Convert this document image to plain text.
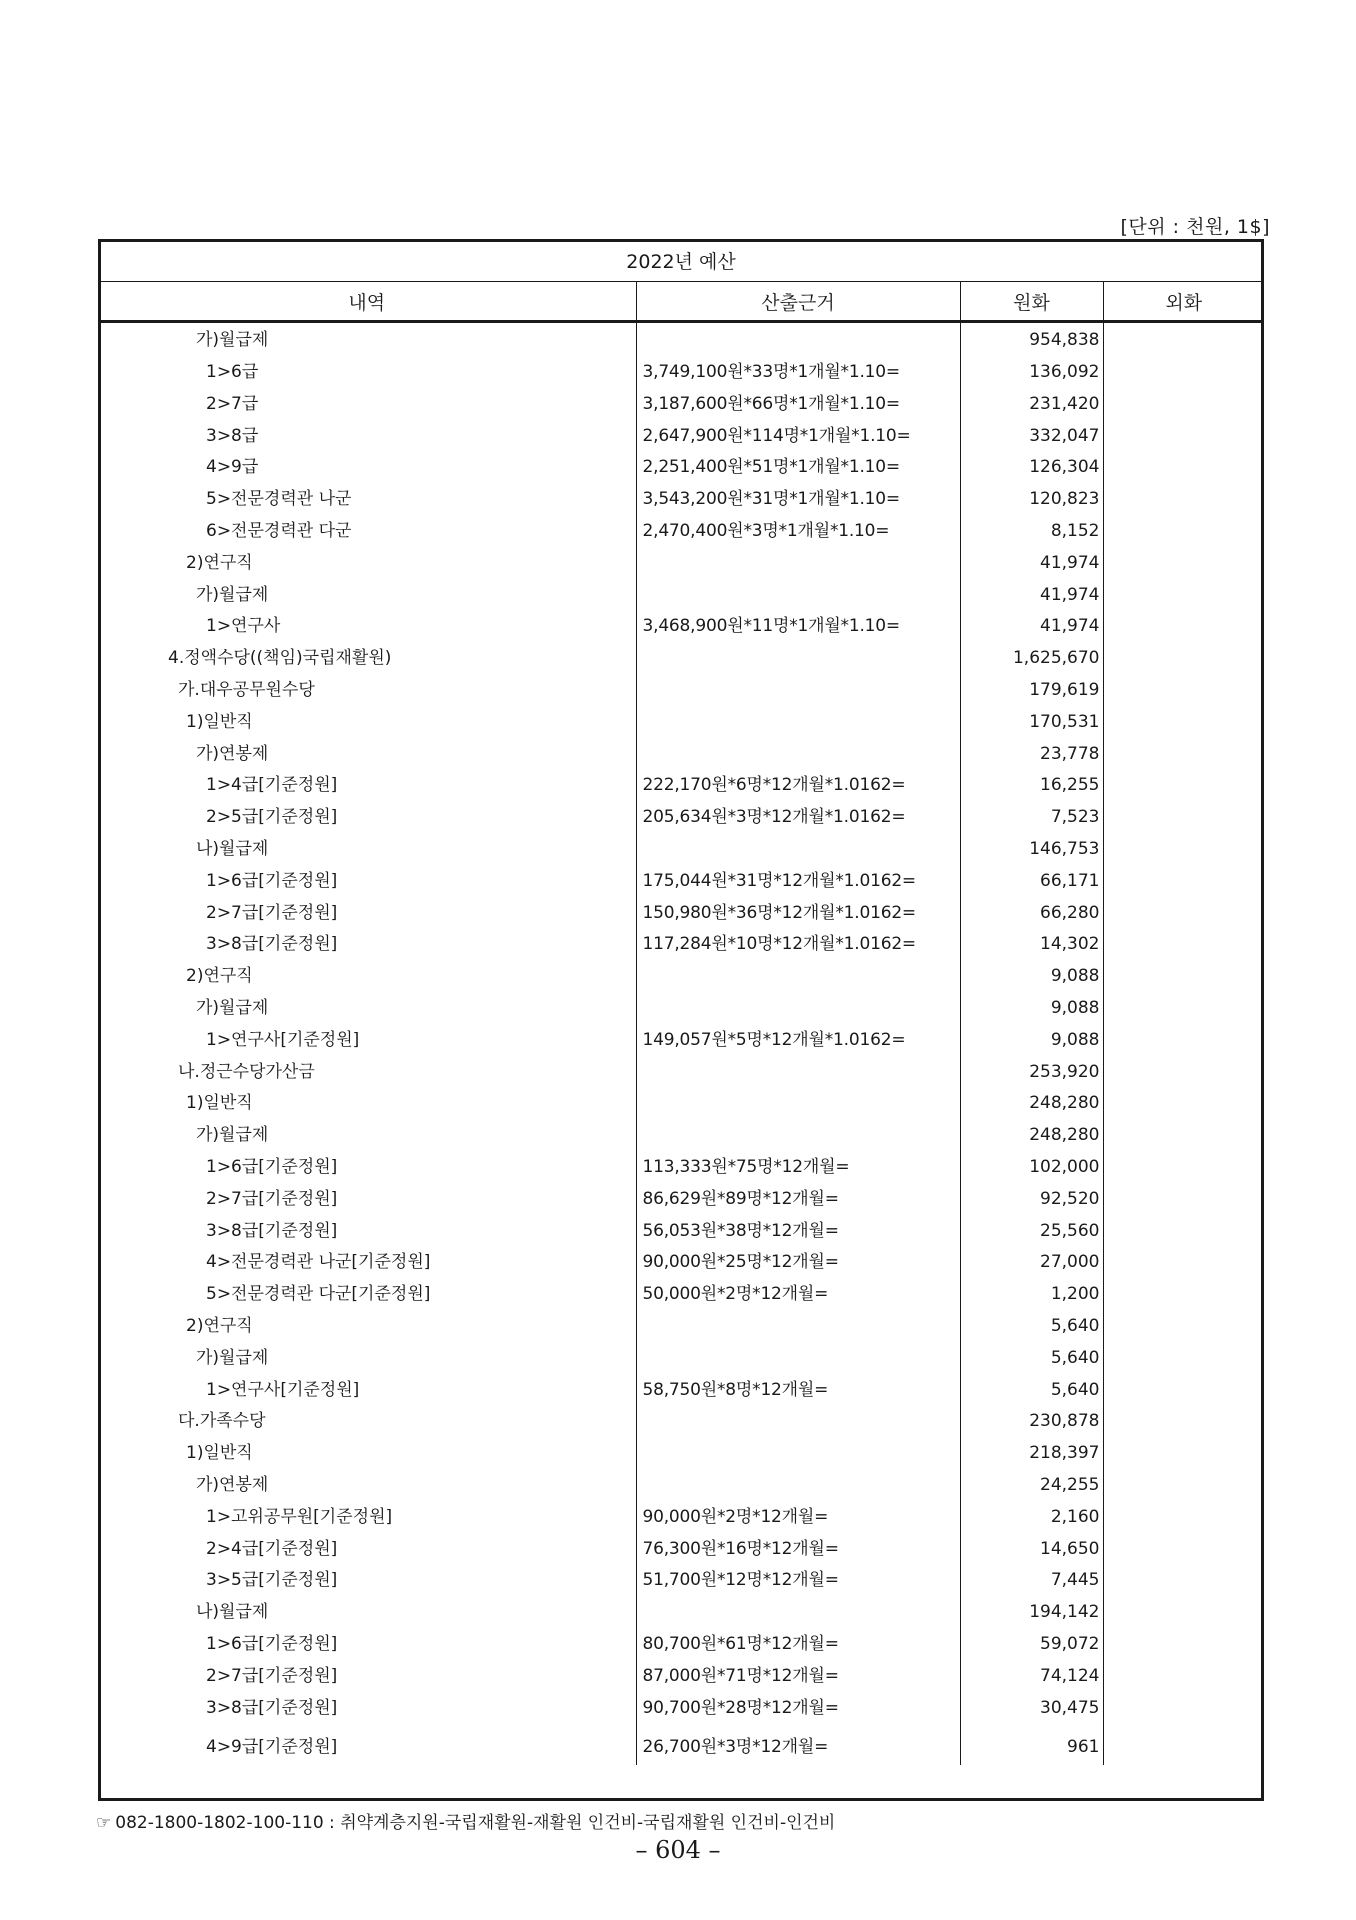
[단위 : 천원, 1$]
2022년 예산			
내역	산출근거	원화	외화
가)월급제		954,838	
1>6급	3,749,100원*33명*1개월*1.10=	136,092	
2>7급	3,187,600원*66명*1개월*1.10=	231,420	
3>8급	2,647,900원*114명*1개월*1.10=	332,047	
4>9급	2,251,400원*51명*1개월*1.10=	126,304	
5>전문경력관 나군	3,543,200원*31명*1개월*1.10=	120,823	
6>전문경력관 다군	2,470,400원*3명*1개월*1.10=	8,152	
2)연구직		41,974	
가)월급제		41,974	
1>연구사	3,468,900원*11명*1개월*1.10=	41,974	
4.정액수당((책임)국립재활원)		1,625,670	
가.대우공무원수당		179,619	
1)일반직		170,531	
가)연봉제		23,778	
1>4급[기준정원]	222,170원*6명*12개월*1.0162=	16,255	
2>5급[기준정원]	205,634원*3명*12개월*1.0162=	7,523	
나)월급제		146,753	
1>6급[기준정원]	175,044원*31명*12개월*1.0162=	66,171	
2>7급[기준정원]	150,980원*36명*12개월*1.0162=	66,280	
3>8급[기준정원]	117,284원*10명*12개월*1.0162=	14,302	
2)연구직		9,088	
가)월급제		9,088	
1>연구사[기준정원]	149,057원*5명*12개월*1.0162=	9,088	
나.정근수당가산금		253,920	
1)일반직		248,280	
가)월급제		248,280	
1>6급[기준정원]	113,333원*75명*12개월=	102,000	
2>7급[기준정원]	86,629원*89명*12개월=	92,520	
3>8급[기준정원]	56,053원*38명*12개월=	25,560	
4>전문경력관 나군[기준정원]	90,000원*25명*12개월=	27,000	
5>전문경력관 다군[기준정원]	50,000원*2명*12개월=	1,200	
2)연구직		5,640	
가)월급제		5,640	
1>연구사[기준정원]	58,750원*8명*12개월=	5,640	
다.가족수당		230,878	
1)일반직		218,397	
가)연봉제		24,255	
1>고위공무원[기준정원]	90,000원*2명*12개월=	2,160	
2>4급[기준정원]	76,300원*16명*12개월=	14,650	
3>5급[기준정원]	51,700원*12명*12개월=	7,445	
나)월급제		194,142	
1>6급[기준정원]	80,700원*61명*12개월=	59,072	
2>7급[기준정원]	87,000원*71명*12개월=	74,124	
3>8급[기준정원]	90,700원*28명*12개월=	30,475	
4>9급[기준정원]	26,700원*3명*12개월=	961	
☞ 082-1800-1802-100-110 : 취약계층지원-국립재활원-재활원 인건비-국립재활원 인건비-인건비
– 604 –
